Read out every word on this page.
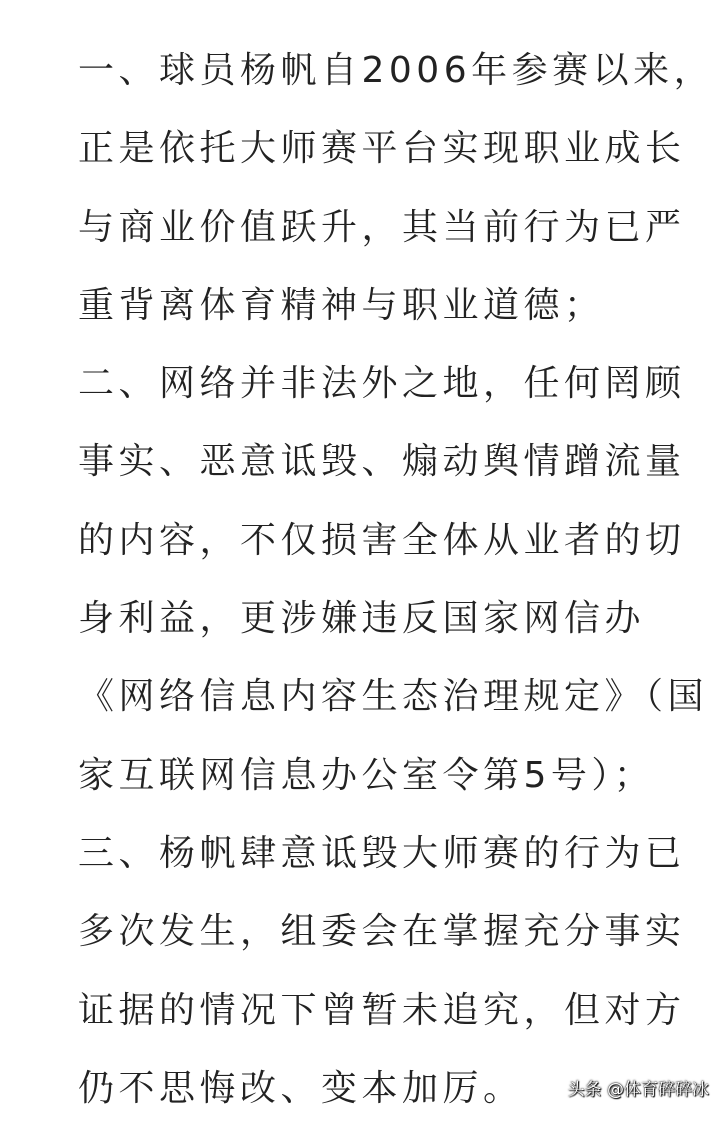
一、球员杨帆自2006年参赛以来，
正是依托大师赛平台实现职业成长
与商业价值跃升，其当前行为已严
重背离体育精神与职业道德；
二、网络并非法外之地，任何罔顾
事实、恶意诋毁、煽动舆情蹭流量
的内容，不仅损害全体从业者的切
身利益，更涉嫌违反国家网信办
《网络信息内容生态治理规定》（国
家互联网信息办公室令第5号）；
三、杨帆肆意诋毁大师赛的行为已
多次发生，组委会在掌握充分事实
证据的情况下曾暂未追究，但对方
仍不思悔改、变本加厉。	头条 @体育碎碎冰
